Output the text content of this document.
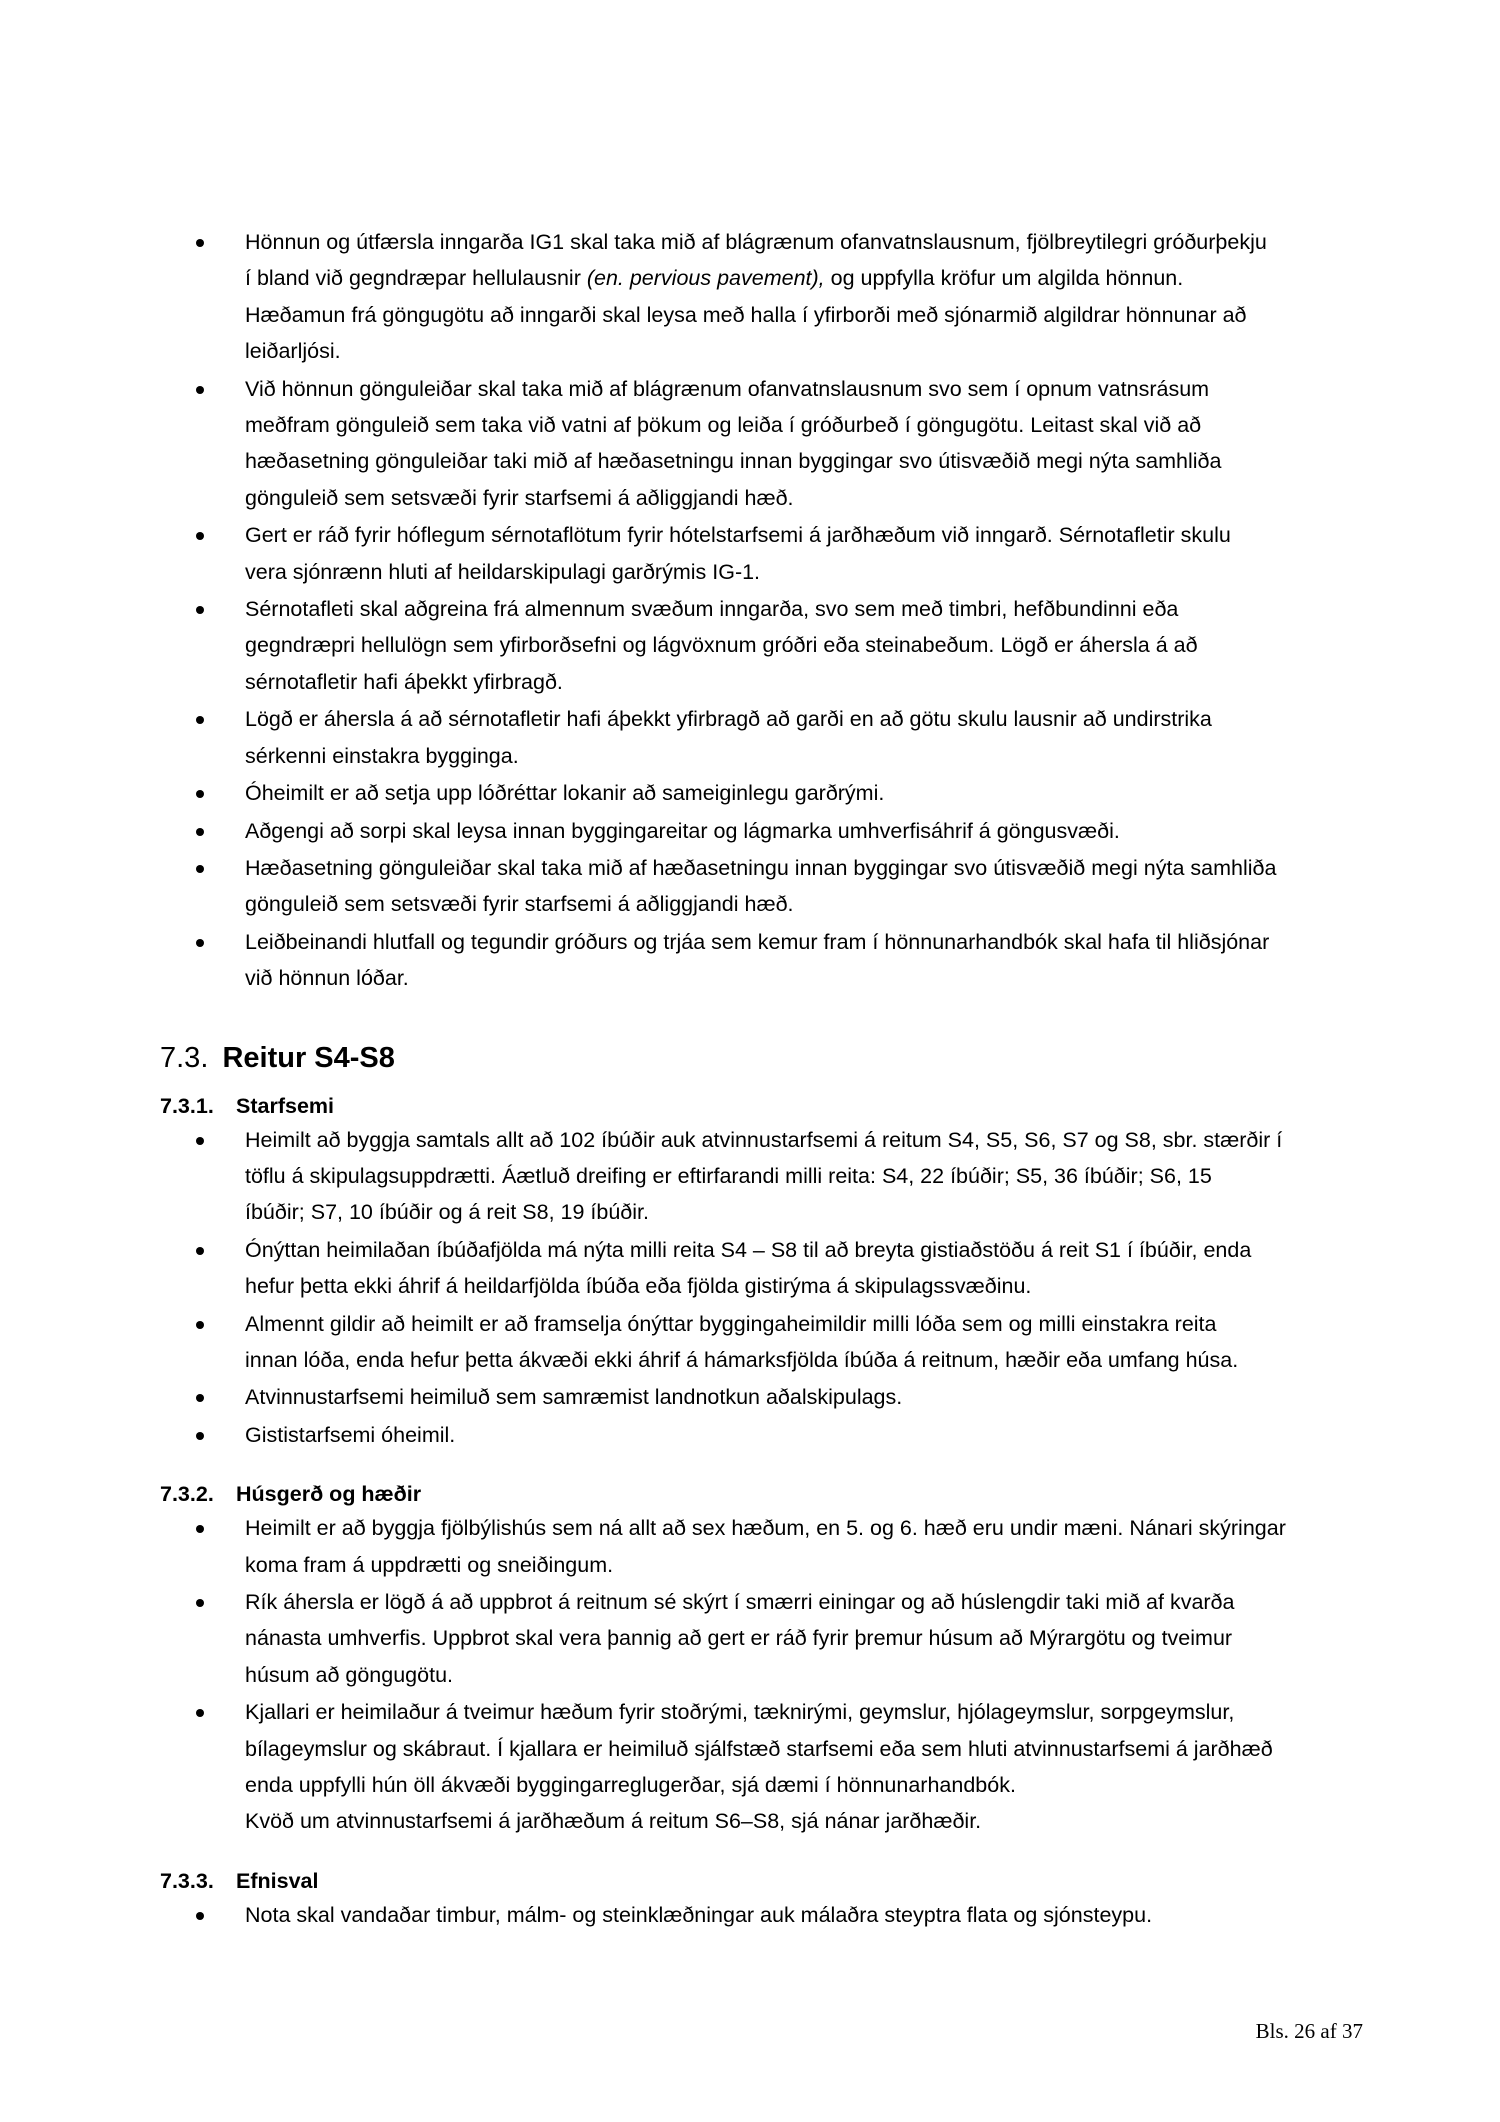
Hönnun og útfærsla inngarða IG1 skal taka mið af blágrænum ofanvatnslausnum, fjölbreytilegri gróðurþekju
í bland við gegndræpar hellulausnir (en. pervious pavement), og uppfylla kröfur um algilda hönnun.
Hæðamun frá göngugötu að inngarði skal leysa með halla í yfirborði með sjónarmið algildrar hönnunar að
leiðarljósi.
Við hönnun gönguleiðar skal taka mið af blágrænum ofanvatnslausnum svo sem í opnum vatnsrásum
meðfram gönguleið sem taka við vatni af þökum og leiða í gróðurbeð í göngugötu. Leitast skal við að
hæðasetning gönguleiðar taki mið af hæðasetningu innan byggingar svo útisvæðið megi nýta samhliða
gönguleið sem setsvæði fyrir starfsemi á aðliggjandi hæð.
Gert er ráð fyrir hóflegum sérnotaflötum fyrir hótelstarfsemi á jarðhæðum við inngarð. Sérnotafletir skulu
vera sjónrænn hluti af heildarskipulagi garðrýmis IG-1.
Sérnotafleti skal aðgreina frá almennum svæðum inngarða, svo sem með timbri, hefðbundinni eða
gegndræpri hellulögn sem yfirborðsefni og lágvöxnum gróðri eða steinabeðum. Lögð er áhersla á að
sérnotafletir hafi áþekkt yfirbragð.
Lögð er áhersla á að sérnotafletir hafi áþekkt yfirbragð að garði en að götu skulu lausnir að undirstrika
sérkenni einstakra bygginga.
Óheimilt er að setja upp lóðréttar lokanir að sameiginlegu garðrými.
Aðgengi að sorpi skal leysa innan byggingareitar og lágmarka umhverfisáhrif á göngusvæði.
Hæðasetning gönguleiðar skal taka mið af hæðasetningu innan byggingar svo útisvæðið megi nýta samhliða
gönguleið sem setsvæði fyrir starfsemi á aðliggjandi hæð.
Leiðbeinandi hlutfall og tegundir gróðurs og trjáa sem kemur fram í hönnunarhandbók skal hafa til hliðsjónar
við hönnun lóðar.
7.3. Reitur S4-S8
7.3.1. Starfsemi
Heimilt að byggja samtals allt að 102 íbúðir auk atvinnustarfsemi á reitum S4, S5, S6, S7 og S8, sbr. stærðir í
töflu á skipulagsuppdrætti. Áætluð dreifing er eftirfarandi milli reita: S4, 22 íbúðir; S5, 36 íbúðir; S6, 15
íbúðir; S7, 10 íbúðir og á reit S8, 19 íbúðir.
Ónýttan heimilaðan íbúðafjölda má nýta milli reita S4 – S8 til að breyta gistiaðstöðu á reit S1 í íbúðir, enda
hefur þetta ekki áhrif á heildarfjölda íbúða eða fjölda gistirýma á skipulagssvæðinu.
Almennt gildir að heimilt er að framselja ónýttar byggingaheimildir milli lóða sem og milli einstakra reita
innan lóða, enda hefur þetta ákvæði ekki áhrif á hámarksfjölda íbúða á reitnum, hæðir eða umfang húsa.
Atvinnustarfsemi heimiluð sem samræmist landnotkun aðalskipulags.
Gististarfsemi óheimil.
7.3.2. Húsgerð og hæðir
Heimilt er að byggja fjölbýlishús sem ná allt að sex hæðum, en 5. og 6. hæð eru undir mæni. Nánari skýringar
koma fram á uppdrætti og sneiðingum.
Rík áhersla er lögð á að uppbrot á reitnum sé skýrt í smærri einingar og að húslengdir taki mið af kvarða
nánasta umhverfis. Uppbrot skal vera þannig að gert er ráð fyrir þremur húsum að Mýrargötu og tveimur
húsum að göngugötu.
Kjallari er heimilaður á tveimur hæðum fyrir stoðrými, tæknirými, geymslur, hjólageymslur, sorpgeymslur,
bílageymslur og skábraut. Í kjallara er heimiluð sjálfstæð starfsemi eða sem hluti atvinnustarfsemi á jarðhæð
enda uppfylli hún öll ákvæði byggingarreglugerðar, sjá dæmi í hönnunarhandbók.
Kvöð um atvinnustarfsemi á jarðhæðum á reitum S6–S8, sjá nánar jarðhæðir.
7.3.3. Efnisval
Nota skal vandaðar timbur, málm- og steinklæðningar auk málaðra steyptra flata og sjónsteypu.
Bls. 26 af 37
